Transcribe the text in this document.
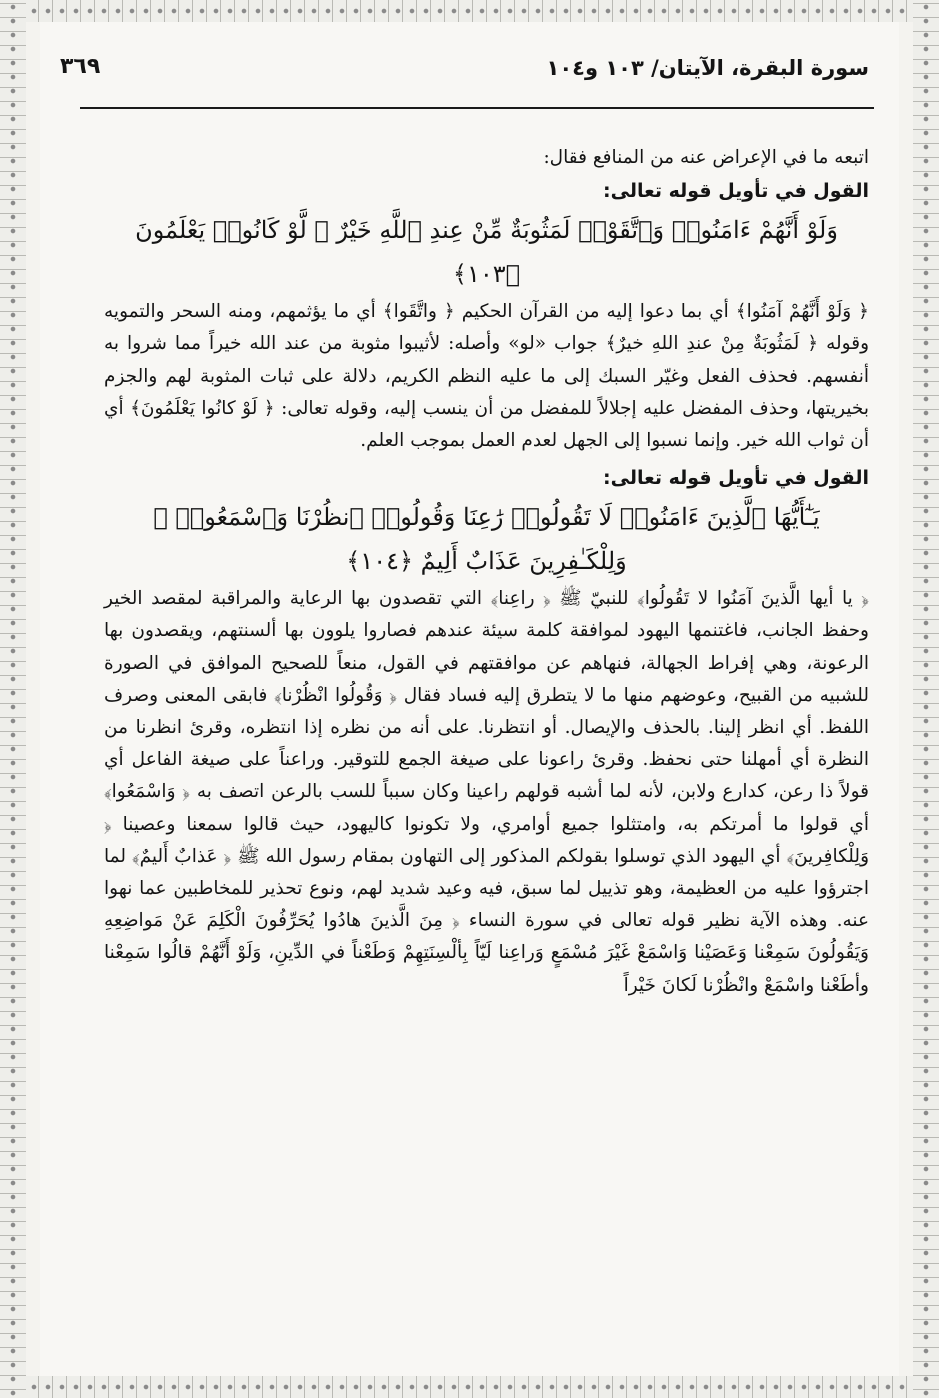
سورة البقرة، الآيتان/ ١٠٣ و١٠٤
٣٦٩

اتبعه ما في الإعراض عنه من المنافع فقال:

القول في تأويل قوله تعالى:

وَلَوْ أَنَّهُمْ ءَامَنُوا۟ وَٱتَّقَوْا۟ لَمَثُوبَةٌ مِّنْ عِندِ ٱللَّهِ خَيْرٌ ۖ لَّوْ كَانُوا۟ يَعْلَمُونَ ﴿١٠٣﴾

﴿ وَلَوْ أَنَّهُمْ آمَنُوا﴾ أي بما دعوا إليه من القرآن الحكيم ﴿ واتَّقَوا﴾ أي ما يؤثمهم، ومنه السحر والتمويه وقوله ﴿ لَمَثُوبَةٌ مِنْ عندِ اللهِ خيرٌ﴾ جواب «لو» وأصله: لأثيبوا مثوبة من عند الله خيراً مما شروا به أنفسهم. فحذف الفعل وغيّر السبك إلى ما عليه النظم الكريم، دلالة على ثبات المثوبة لهم والجزم بخيريتها، وحذف المفضل عليه إجلالاً للمفضل من أن ينسب إليه، وقوله تعالى: ﴿ لَوْ كانُوا يَعْلَمُونَ﴾ أي أن ثواب الله خير. وإنما نسبوا إلى الجهل لعدم العمل بموجب العلم.

القول في تأويل قوله تعالى:

يَـٰٓأَيُّهَا ٱلَّذِينَ ءَامَنُوا۟ لَا تَقُولُوا۟ رَٰعِنَا وَقُولُوا۟ ٱنظُرْنَا وَٱسْمَعُوا۟ ۗ

وَلِلْكَـٰفِرِينَ عَذَابٌ أَلِيمٌ ﴿١٠٤﴾

﴿ يا أيها الَّذينَ آمَنُوا لا تَقُولُوا﴾ للنبيّ ﷺ ﴿ راعِنا﴾ التي تقصدون بها الرعاية والمراقبة لمقصد الخير وحفظ الجانب، فاغتنمها اليهود لموافقة كلمة سيئة عندهم فصاروا يلوون بها ألسنتهم، ويقصدون بها الرعونة، وهي إفراط الجهالة، فنهاهم عن موافقتهم في القول، منعاً للصحيح الموافق في الصورة للشبيه من القبيح، وعوضهم منها ما لا يتطرق إليه فساد فقال ﴿ وَقُولُوا انْظُرْنا﴾ فابقى المعنى وصرف اللفظ. أي انظر إلينا. بالحذف والإيصال. أو انتظرنا. على أنه من نظره إذا انتظره، وقرئ انظرنا من النظرة أي أمهلنا حتى نحفظ. وقرئ راعونا على صيغة الجمع للتوقير. وراعناً على صيغة الفاعل أي قولاً ذا رعن، كدارع ولابن، لأنه لما أشبه قولهم راعينا وكان سبباً للسب بالرعن اتصف به ﴿ وَاسْمَعُوا﴾ أي قولوا ما أمرتكم به، وامتثلوا جميع أوامري، ولا تكونوا كاليهود، حيث قالوا سمعنا وعصينا ﴿ وَلِلْكافِرينَ﴾ أي اليهود الذي توسلوا بقولكم المذكور إلى التهاون بمقام رسول الله ﷺ ﴿ عَذابٌ أَليمٌ﴾ لما اجترؤوا عليه من العظيمة، وهو تذييل لما سبق، فيه وعيد شديد لهم، ونوع تحذير للمخاطبين عما نهوا عنه. وهذه الآية نظير قوله تعالى في سورة النساء ﴿ مِنَ الَّذينَ هادُوا يُحَرِّفُونَ الْكَلِمَ عَنْ مَواضِعِهِ وَيَقُولُونَ سَمِعْنا وَعَصَيْنا وَاسْمَعْ غَيْرَ مُسْمَعٍ وَراعِنا لَيّاً بِألْسِنَتِهِمْ وَطَعْناً في الدِّينِ، وَلَوْ أَنَّهُمْ قالُوا سَمِعْنا وأطَعْنا واسْمَعْ وانْظُرْنا لَكانَ خَيْراً
